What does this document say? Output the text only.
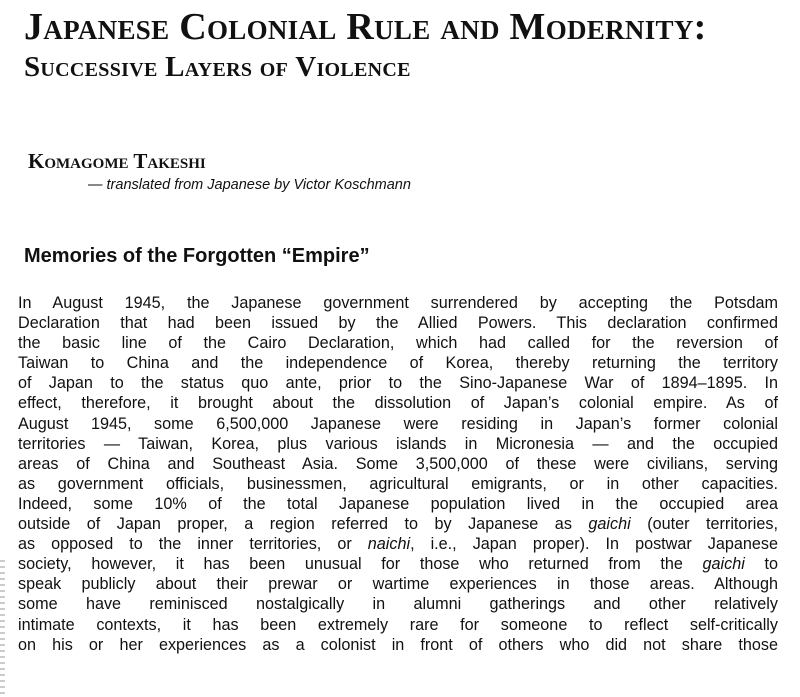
Japanese Colonial Rule and Modernity:
Successive Layers of Violence
Komagome Takeshi
— translated from Japanese by Victor Koschmann
Memories of the Forgotten “Empire”
In August 1945, the Japanese government surrendered by accepting the Potsdam
Declaration that had been issued by the Allied Powers. This declaration confirmed
the basic line of the Cairo Declaration, which had called for the reversion of
Taiwan to China and the independence of Korea, thereby returning the territory
of Japan to the status quo ante, prior to the Sino-Japanese War of 1894–1895. In
effect, therefore, it brought about the dissolution of Japan’s colonial empire. As of
August 1945, some 6,500,000 Japanese were residing in Japan’s former colonial
territories — Taiwan, Korea, plus various islands in Micronesia — and the occupied
areas of China and Southeast Asia. Some 3,500,000 of these were civilians, serving
as government officials, businessmen, agricultural emigrants, or in other capacities.
Indeed, some 10% of the total Japanese population lived in the occupied area
outside of Japan proper, a region referred to by Japanese as gaichi (outer territories,
as opposed to the inner territories, or naichi, i.e., Japan proper). In postwar Japanese
society, however, it has been unusual for those who returned from the gaichi to
speak publicly about their prewar or wartime experiences in those areas. Although
some have reminisced nostalgically in alumni gatherings and other relatively
intimate contexts, it has been extremely rare for someone to reflect self-critically
on his or her experiences as a colonist in front of others who did not share those
